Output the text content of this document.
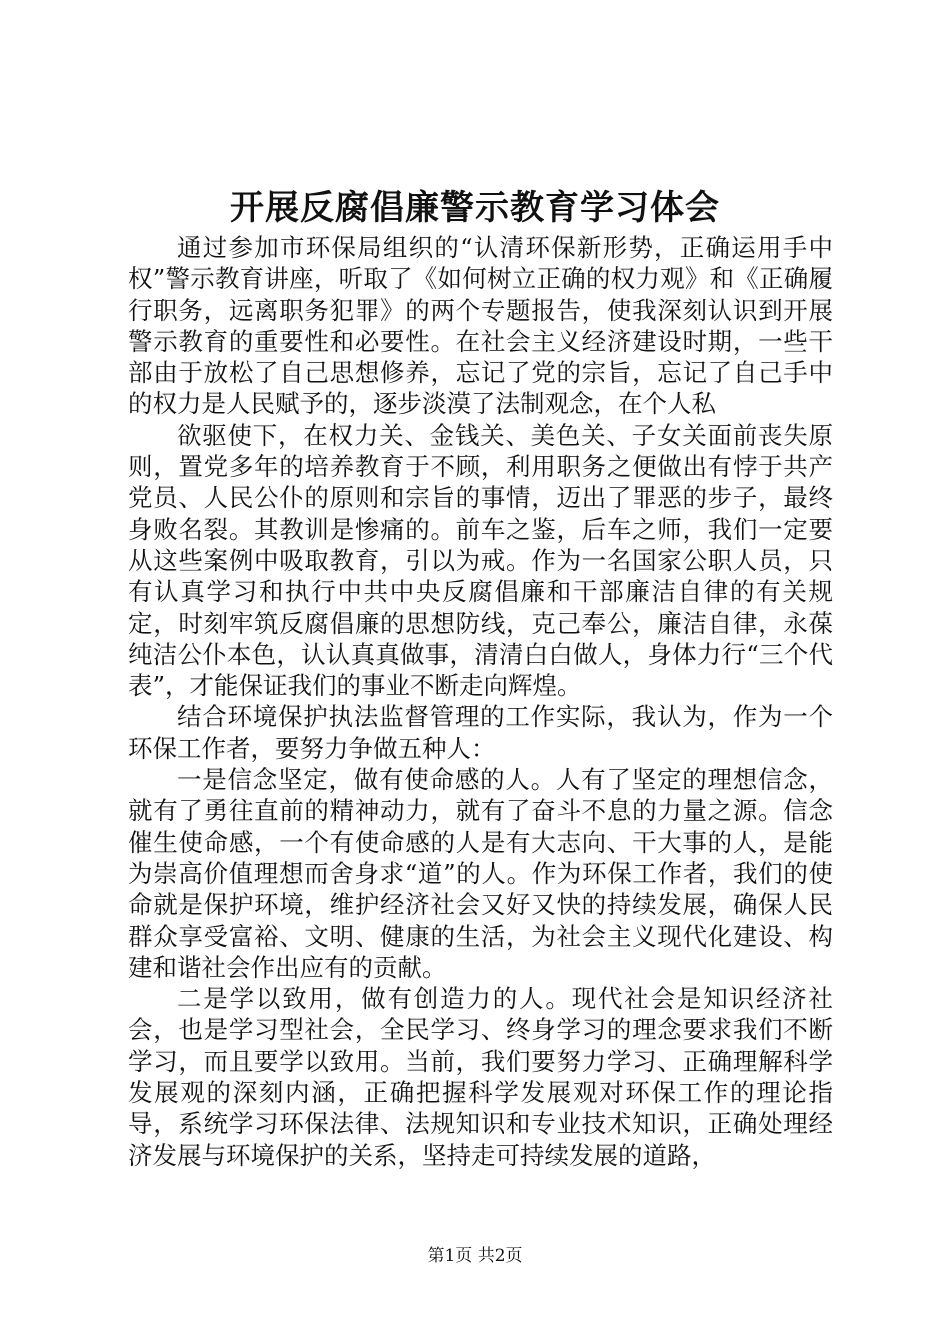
开展反腐倡廉警示教育学习体会

通过参加市环保局组织的“认清环保新形势，正确运用手中权”警示教育讲座，听取了《如何树立正确的权力观》和《正确履行职务，远离职务犯罪》的两个专题报告，使我深刻认识到开展警示教育的重要性和必要性。在社会主义经济建设时期，一些干部由于放松了自己思想修养，忘记了党的宗旨，忘记了自己手中的权力是人民赋予的，逐步淡漠了法制观念，在个人私

欲驱使下，在权力关、金钱关、美色关、子女关面前丧失原则，置党多年的培养教育于不顾，利用职务之便做出有悖于共产党员、人民公仆的原则和宗旨的事情，迈出了罪恶的步子，最终身败名裂。其教训是惨痛的。前车之鉴，后车之师，我们一定要从这些案例中吸取教育，引以为戒。作为一名国家公职人员，只有认真学习和执行中共中央反腐倡廉和干部廉洁自律的有关规定，时刻牢筑反腐倡廉的思想防线，克己奉公，廉洁自律，永葆纯洁公仆本色，认认真真做事，清清白白做人，身体力行“三个代表”，才能保证我们的事业不断走向辉煌。

结合环境保护执法监督管理的工作实际，我认为，作为一个环保工作者，要努力争做五种人：

一是信念坚定，做有使命感的人。人有了坚定的理想信念，就有了勇往直前的精神动力，就有了奋斗不息的力量之源。信念催生使命感，一个有使命感的人是有大志向、干大事的人，是能为崇高价值理想而舍身求“道”的人。作为环保工作者，我们的使命就是保护环境，维护经济社会又好又快的持续发展，确保人民群众享受富裕、文明、健康的生活，为社会主义现代化建设、构建和谐社会作出应有的贡献。

二是学以致用，做有创造力的人。现代社会是知识经济社会，也是学习型社会，全民学习、终身学习的理念要求我们不断学习，而且要学以致用。当前，我们要努力学习、正确理解科学发展观的深刻内涵，正确把握科学发展观对环保工作的理论指导，系统学习环保法律、法规知识和专业技术知识，正确处理经济发展与环境保护的关系，坚持走可持续发展的道路，

第1页 共2页
